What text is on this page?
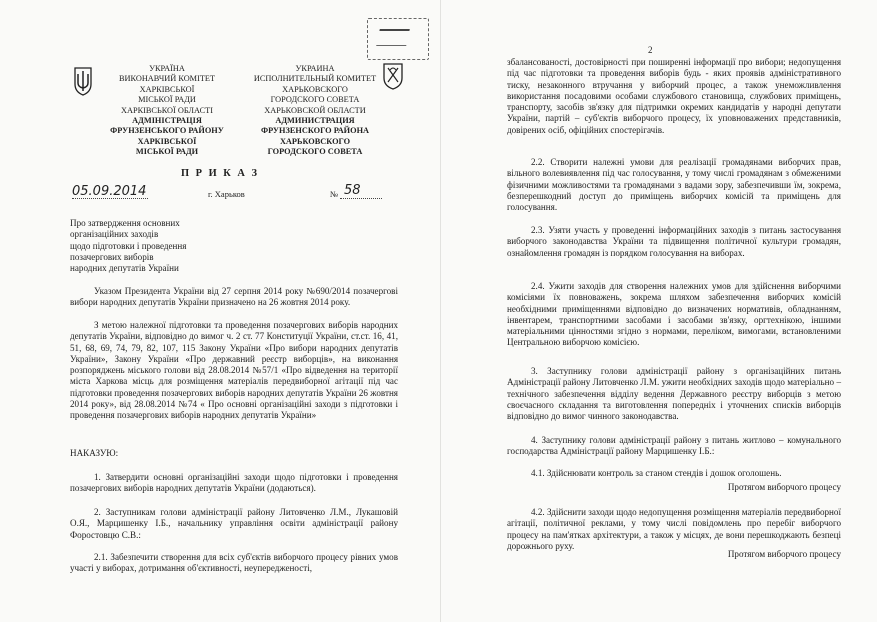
УКРАЇНА
ВИКОНАВЧИЙ КОМІТЕТ
ХАРКІВСЬКОЇ
МІСЬКОЇ РАДИ
ХАРКІВСЬКОЇ ОБЛАСТІ
АДМІНІСТРАЦІЯ
ФРУНЗЕНСЬКОГО РАЙОНУ
ХАРКІВСЬКОЇ
МІСЬКОЇ РАДИ
УКРАИНА
ИСПОЛНИТЕЛЬНЫЙ КОМИТЕТ
ХАРЬКОВСКОГО
ГОРОДСКОГО СОВЕТА
ХАРЬКОВСКОЙ ОБЛАСТИ
АДМИНИСТРАЦИЯ
ФРУНЗЕНСКОГО РАЙОНА
ХАРЬКОВСКОГО
ГОРОДСКОГО СОВЕТА
П Р И К А З
05.09.2014	г. Харьков	№ 58
Про затвердження основних
організаційних заходів
щодо підготовки і проведення
позачергових виборів
народних депутатів України
Указом Президента України від 27 серпня 2014 року №690/2014 позачергові вибори народних депутатів України призначено на 26 жовтня 2014 року.
З метою належної підготовки та проведення позачергових виборів народних депутатів України, відповідно до вимог ч. 2 ст. 77 Конституції України, ст.ст. 16, 41, 51, 68, 69, 74, 79, 82, 107, 115 Закону України «Про вибори народних депутатів України», Закону України «Про державний реєстр виборців», на виконання розпоряджень міського голови від 28.08.2014 №57/1 «Про відведення на території міста Харкова місць для розміщення матеріалів передвиборної агітації під час підготовки проведення позачергових виборів народних депутатів України 26 жовтня 2014 року», від 28.08.2014 №74 « Про основні організаційні заходи з підготовки і проведення позачергових виборів народних депутатів України»
НАКАЗУЮ:
1. Затвердити основні організаційні заходи щодо підготовки і проведення позачергових виборів народних депутатів України (додаються).
2. Заступникам голови адміністрації району Литовченко Л.М., Лукашовій О.Я., Марцишенку І.Б., начальнику управління освіти адміністрації району Форостовцю С.В.:
2.1. Забезпечити створення для всіх суб'єктів виборчого процесу рівних умов участі у виборах, дотримання об'єктивності, неупередженості,
2
збалансованості, достовірності при поширенні інформації про вибори; недопущення під час підготовки та проведення виборів будь - яких проявів адміністративного тиску, незаконного втручання у виборчий процес, а також унеможливлення використання посадовими особами службового становища, службових приміщень, транспорту, засобів зв'язку для підтримки окремих кандидатів у народні депутати України, партій – суб'єктів виборчого процесу, їх уповноважених представників, довірених осіб, офіційних спостерігачів.
2.2. Створити належні умови для реалізації громадянами виборчих прав, вільного волевиявлення під час голосування, у тому числі громадянам з обмеженими фізичними можливостями та громадянами з вадами зору, забезпечивши їм, зокрема, безперешкодний доступ до приміщень виборчих комісій та приміщень для голосування.
2.3. Узяти участь у проведенні інформаційних заходів з питань застосування виборчого законодавства України та підвищення політичної культури громадян, ознайомлення громадян із порядком голосування на виборах.
2.4. Ужити заходів для створення належних умов для здійснення виборчими комісіями їх повноважень, зокрема шляхом забезпечення виборчих комісій необхідними приміщеннями відповідно до визначених нормативів, обладнанням, інвентарем, транспортними засобами і засобами зв'язку, оргтехнікою, іншими матеріальними цінностями згідно з нормами, переліком, вимогами, встановленими Центральною виборчою комісією.
3. Заступнику голови адміністрації району з організаційних питань Адміністрації району Литовченко Л.М. ужити необхідних заходів щодо матеріально – технічного забезпечення відділу ведення Державного реєстру виборців з метою своєчасного складання та виготовлення попередніх і уточнених списків виборців відповідно до вимог чинного законодавства.
4. Заступнику голови адміністрації району з питань житлово – комунального господарства Адміністрації району Марцишенку І.Б.:
4.1. Здійснювати контроль за станом стендів і дошок оголошень.
Протягом виборчого процесу
4.2. Здійснити заходи щодо недопущення розміщення матеріалів передвиборної агітації, політичної реклами, у тому числі повідомлень про перебіг виборчого процесу на пам'ятках архітектури, а також у місцях, де вони перешкоджають безпеці дорожнього руху.
Протягом виборчого процесу
